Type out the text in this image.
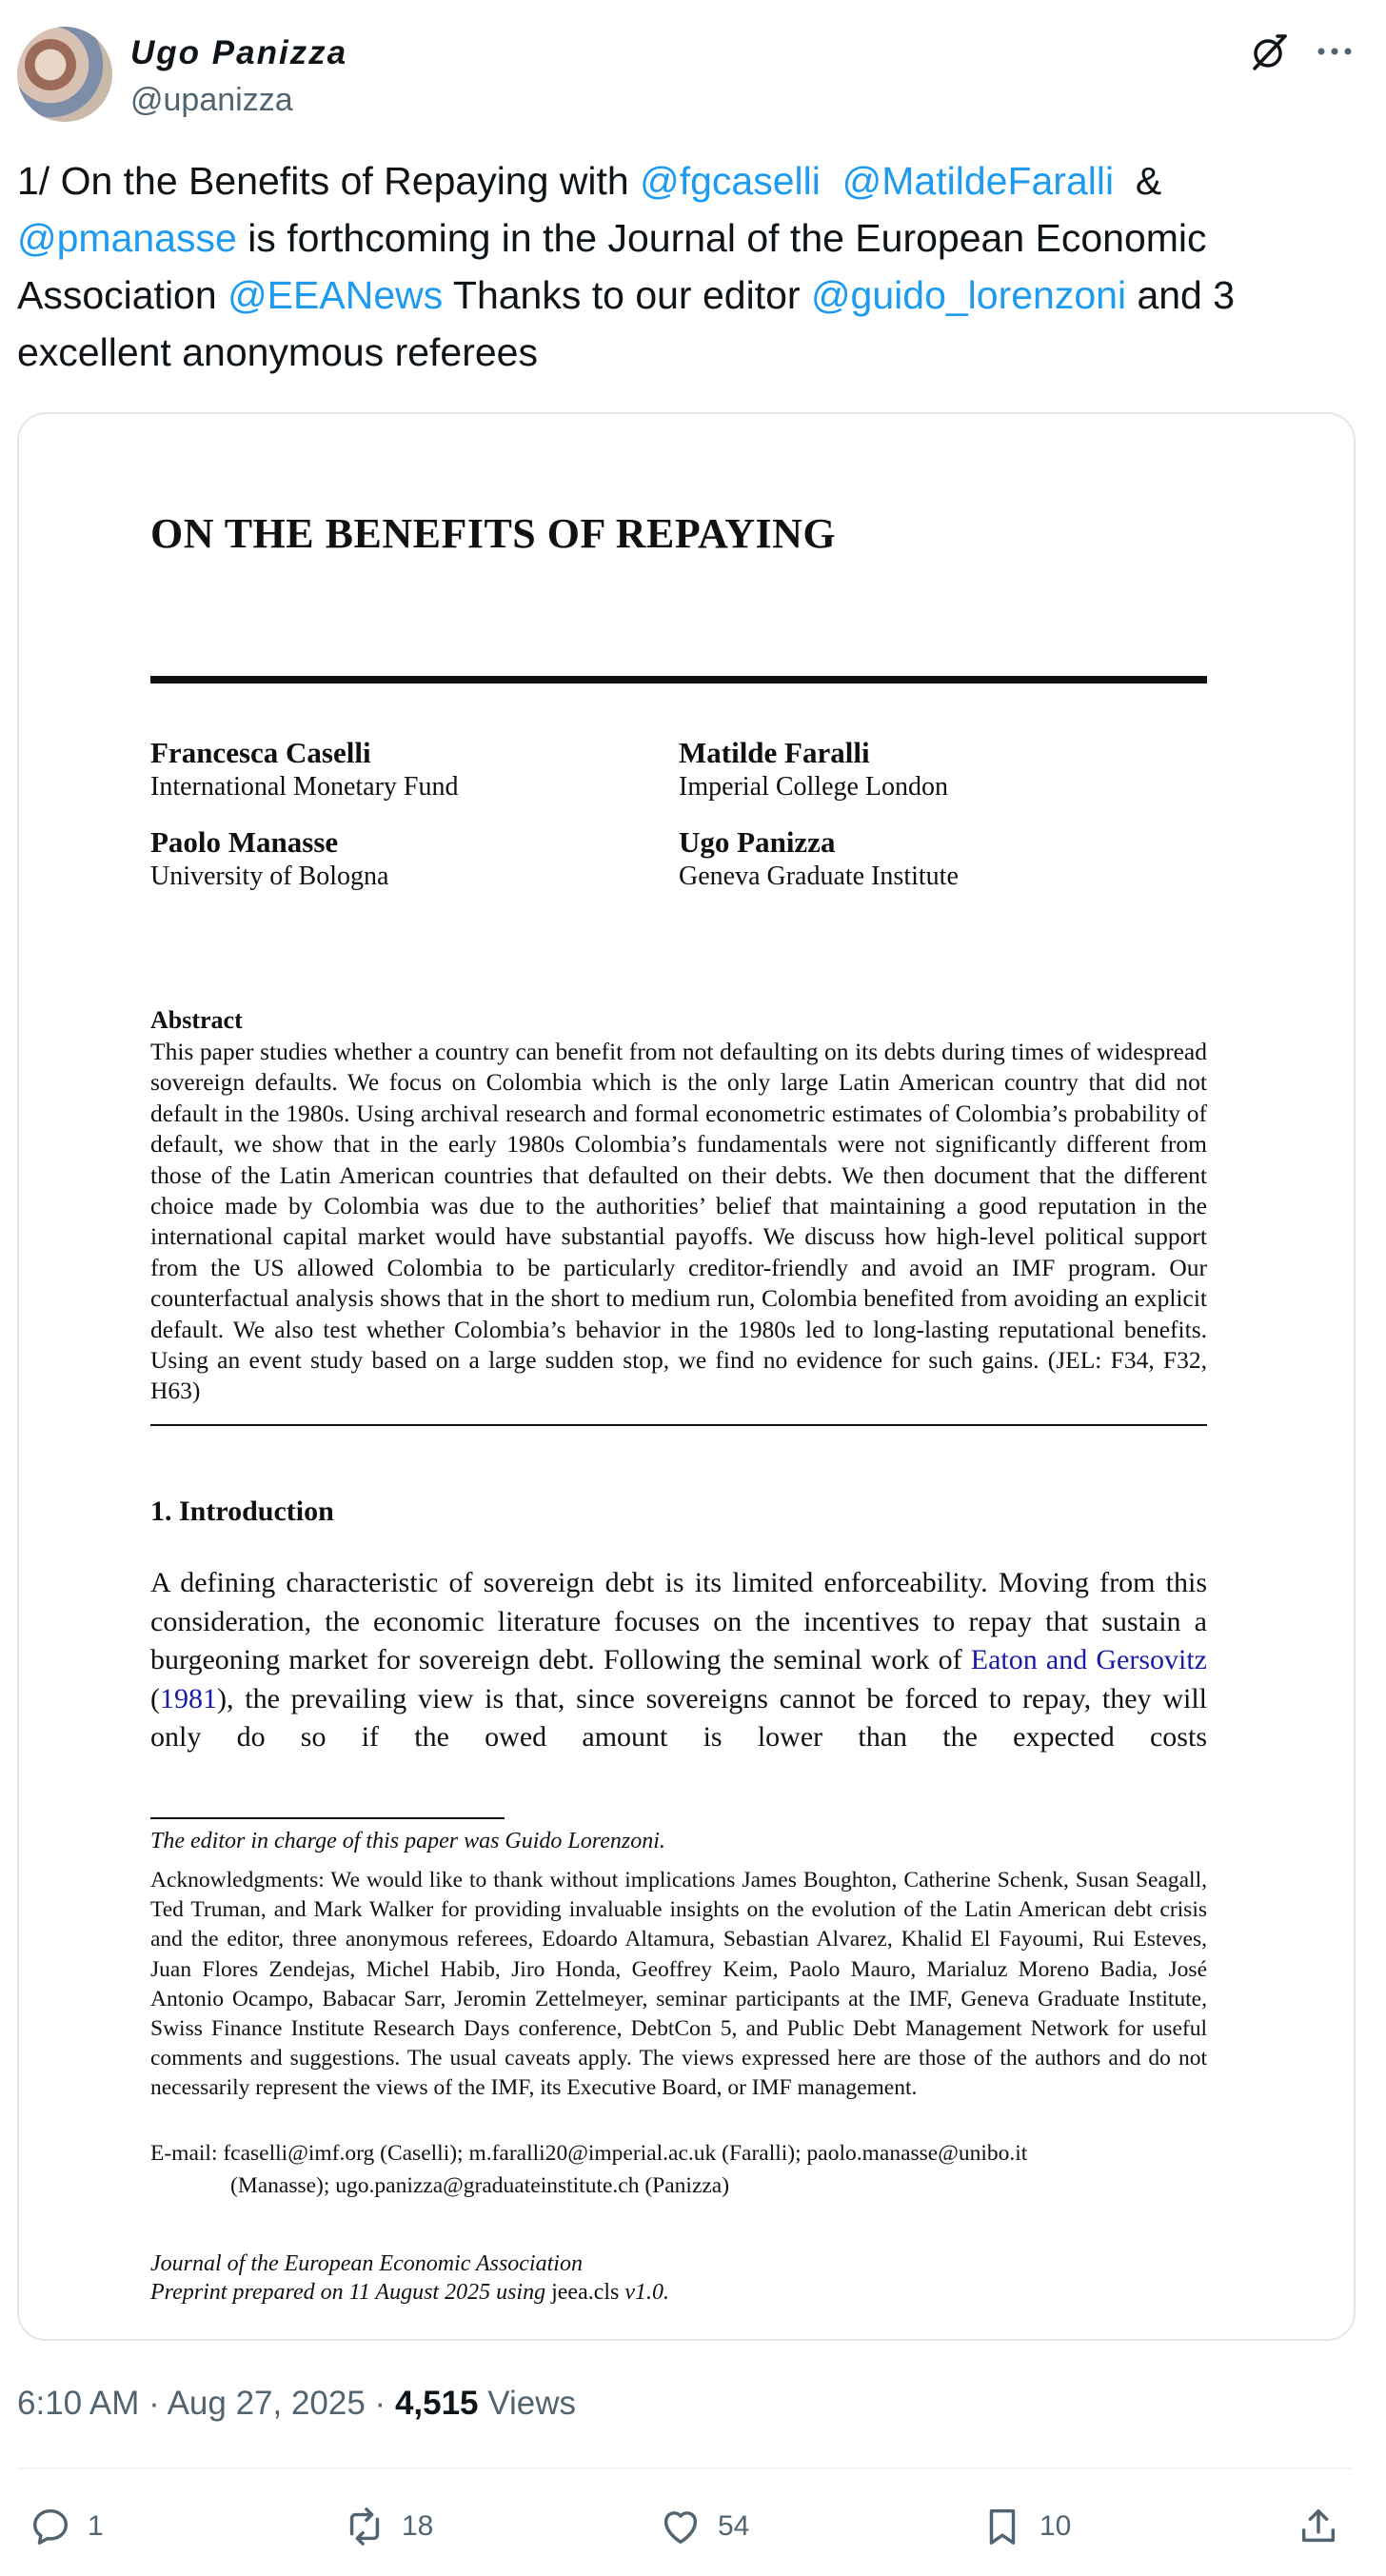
Ugo Panizza
@upanizza
1/ On the Benefits of Repaying with @fgcaselli @MatildeFaralli  &
@pmanasse is forthcoming in the Journal of the European Economic Association @EEANews Thanks to our editor @guido_lorenzoni and 3 excellent anonymous referees
ON THE BENEFITS OF REPAYING
Francesca Caselli
International Monetary Fund
Matilde Faralli
Imperial College London
Paolo Manasse
University of Bologna
Ugo Panizza
Geneva Graduate Institute
Abstract
This paper studies whether a country can benefit from not defaulting on its debts during times of widespread sovereign defaults. We focus on Colombia which is the only large Latin American country that did not default in the 1980s. Using archival research and formal econometric estimates of Colombia’s probability of default, we show that in the early 1980s Colombia’s fundamentals were not significantly different from those of the Latin American countries that defaulted on their debts. We then document that the different choice made by Colombia was due to the authorities’ belief that maintaining a good reputation in the international capital market would have substantial payoffs. We discuss how high-level political support from the US allowed Colombia to be particularly creditor-friendly and avoid an IMF program. Our counterfactual analysis shows that in the short to medium run, Colombia benefited from avoiding an explicit default. We also test whether Colombia’s behavior in the 1980s led to long-lasting reputational benefits. Using an event study based on a large sudden stop, we find no evidence for such gains. (JEL: F34, F32, H63)
1. Introduction
A defining characteristic of sovereign debt is its limited enforceability. Moving from this consideration, the economic literature focuses on the incentives to repay that sustain a burgeoning market for sovereign debt. Following the seminal work of Eaton and Gersovitz (1981), the prevailing view is that, since sovereigns cannot be forced to repay, they will only do so if the owed amount is lower than the expected costs
The editor in charge of this paper was Guido Lorenzoni.
Acknowledgments: We would like to thank without implications James Boughton, Catherine Schenk, Susan Seagall, Ted Truman, and Mark Walker for providing invaluable insights on the evolution of the Latin American debt crisis and the editor, three anonymous referees, Edoardo Altamura, Sebastian Alvarez, Khalid El Fayoumi, Rui Esteves, Juan Flores Zendejas, Michel Habib, Jiro Honda, Geoffrey Keim, Paolo Mauro, Marialuz Moreno Badia, José Antonio Ocampo, Babacar Sarr, Jeromin Zettelmeyer, seminar participants at the IMF, Geneva Graduate Institute, Swiss Finance Institute Research Days conference, DebtCon 5, and Public Debt Management Network for useful comments and suggestions. The usual caveats apply. The views expressed here are those of the authors and do not necessarily represent the views of the IMF, its Executive Board, or IMF management.
E-mail: fcaselli@imf.org (Caselli); m.faralli20@imperial.ac.uk (Faralli); paolo.manasse@unibo.it
(Manasse); ugo.panizza@graduateinstitute.ch (Panizza)
Journal of the European Economic Association
Preprint prepared on 11 August 2025 using jeea.cls v1.0.
6:10 AM · Aug 27, 2025 · 4,515 Views
1	18	54	10
